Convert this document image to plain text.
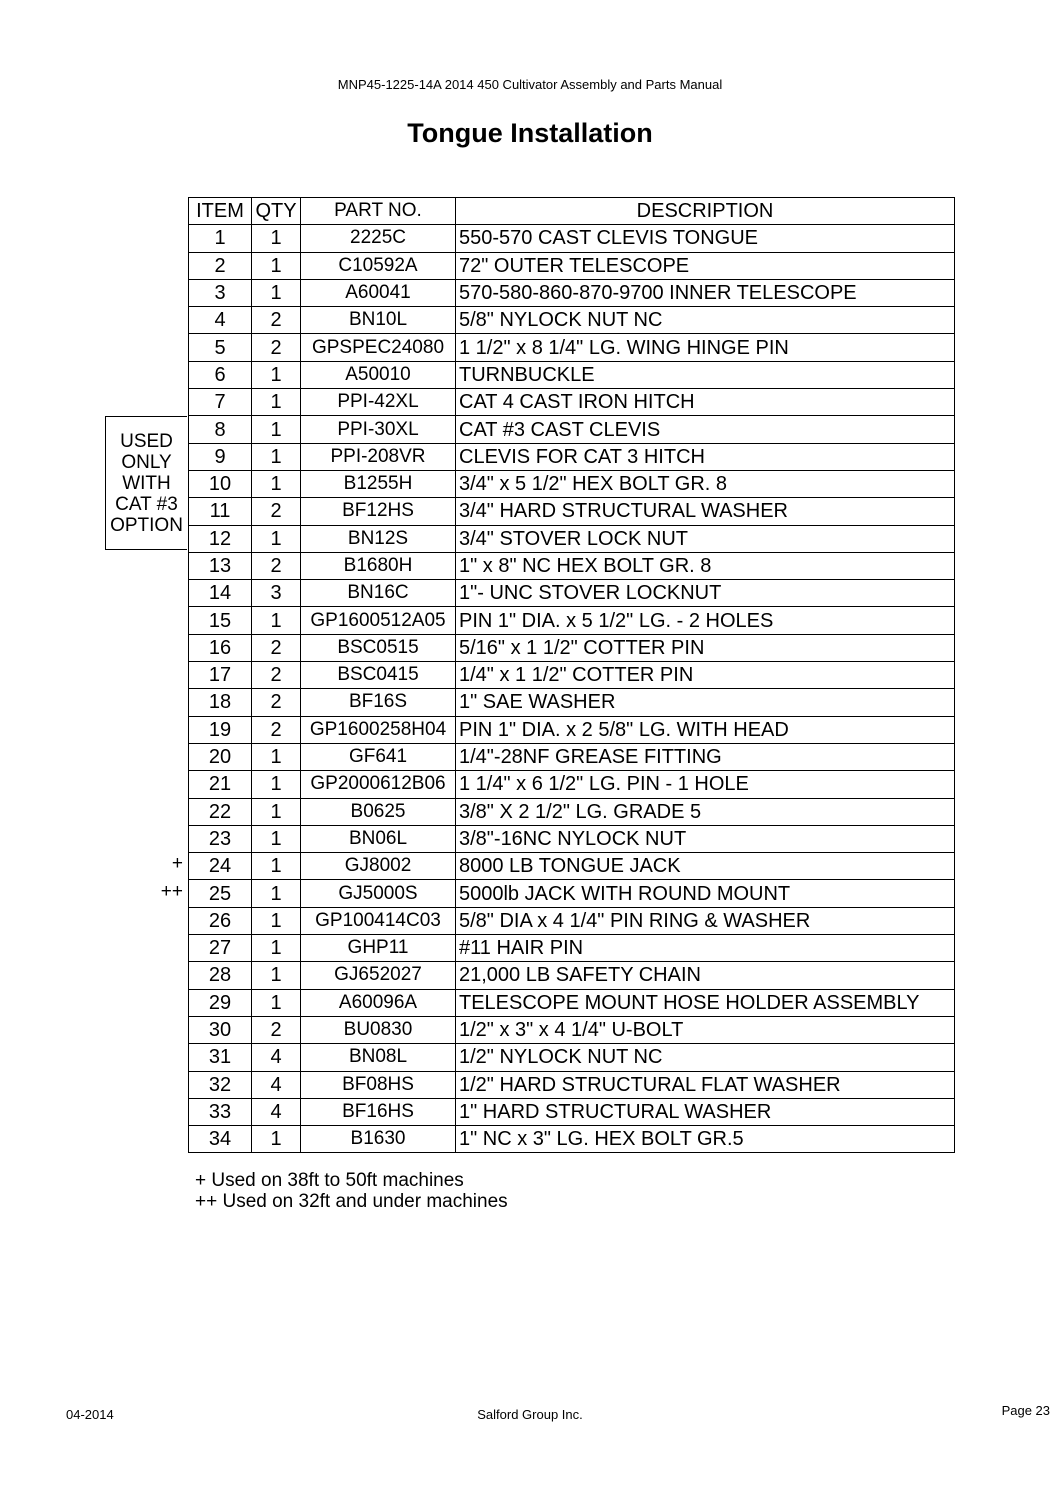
MNP45-1225-14A 2014 450 Cultivator Assembly and Parts Manual
Tongue Installation
USED
ONLY
WITH
CAT #3
OPTION
+
++
ITEM	QTY	PART NO.	DESCRIPTION
1	1	2225C	550-570 CAST CLEVIS TONGUE
2	1	C10592A	72" OUTER TELESCOPE
3	1	A60041	570-580-860-870-9700 INNER TELESCOPE
4	2	BN10L	5/8" NYLOCK NUT NC
5	2	GPSPEC24080	1 1/2" x 8 1/4" LG. WING HINGE PIN
6	1	A50010	TURNBUCKLE
7	1	PPI-42XL	CAT 4 CAST IRON HITCH
8	1	PPI-30XL	CAT #3 CAST CLEVIS
9	1	PPI-208VR	CLEVIS FOR CAT 3 HITCH
10	1	B1255H	3/4" x 5 1/2" HEX BOLT GR. 8
11	2	BF12HS	3/4" HARD STRUCTURAL WASHER
12	1	BN12S	3/4" STOVER LOCK NUT
13	2	B1680H	1" x 8" NC HEX BOLT GR. 8
14	3	BN16C	1"- UNC STOVER LOCKNUT
15	1	GP1600512A05	PIN 1" DIA. x 5 1/2" LG. - 2 HOLES
16	2	BSC0515	5/16" x 1 1/2" COTTER PIN
17	2	BSC0415	1/4" x 1 1/2" COTTER PIN
18	2	BF16S	1" SAE WASHER
19	2	GP1600258H04	PIN 1" DIA. x 2 5/8" LG. WITH HEAD
20	1	GF641	1/4"-28NF GREASE FITTING
21	1	GP2000612B06	1 1/4" x 6 1/2" LG. PIN - 1 HOLE
22	1	B0625	3/8" X 2 1/2" LG. GRADE 5
23	1	BN06L	3/8"-16NC NYLOCK NUT
24	1	GJ8002	8000 LB TONGUE JACK
25	1	GJ5000S	5000lb JACK WITH ROUND MOUNT
26	1	GP100414C03	5/8" DIA x 4 1/4" PIN RING & WASHER
27	1	GHP11	#11 HAIR PIN
28	1	GJ652027	21,000 LB SAFETY CHAIN
29	1	A60096A	TELESCOPE MOUNT HOSE HOLDER ASSEMBLY
30	2	BU0830	1/2" x 3" x 4 1/4" U-BOLT
31	4	BN08L	1/2" NYLOCK NUT NC
32	4	BF08HS	1/2" HARD STRUCTURAL FLAT WASHER
33	4	BF16HS	1" HARD STRUCTURAL WASHER
34	1	B1630	1" NC x 3" LG. HEX BOLT GR.5
+ Used on 38ft to 50ft machines
++ Used on 32ft and under machines
04-2014	Salford Group Inc.	Page 23
